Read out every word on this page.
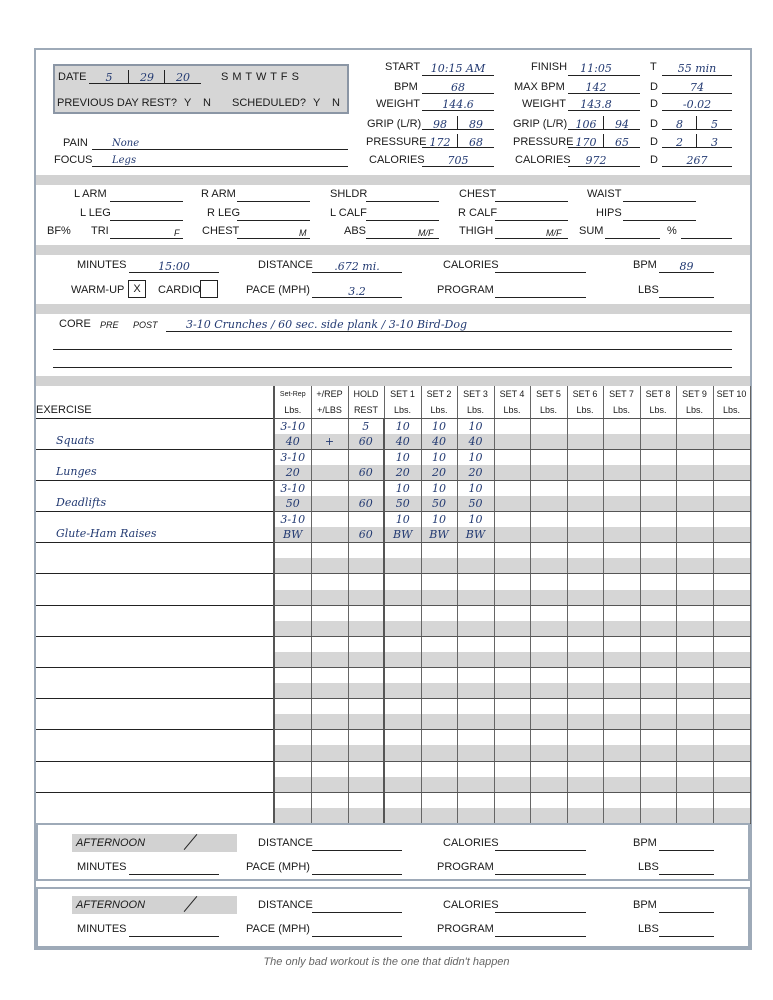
DATE	5	29	20	S M T W T F S
PREVIOUS DAY REST? Y N SCHEDULED? Y N
PAIN None
FOCUS Legs
START 10:15 AM
BPM	68
WEIGHT	144.6
GRIP (L/R)	98	89
PRESSURE 172	68
CALORIES	705
FINISH	11:05
MAX BPM	142
WEIGHT	143.8
GRIP (L/R) 106	94
PRESSURE 170	65
CALORIES	972
T	55 min
D	74
D	-0.02
D	8	5
D	2	3
D	267
L ARM	R ARM	SHLDR	CHEST	WAIST
L LEG	R LEG	L CALF	R CALF	HIPS
BF% TRI	F CHEST	M	ABS	M/F THIGH	M/F SUM	%
MINUTES	15:00	DISTANCE	.672 mi.	CALORIES	BPM	89
WARM-UP X	CARDIO	PACE (MPH)	3.2	PROGRAM	LBS
CORE PRE POST	3-10 Crunches / 60 sec. side plank / 3-10 Bird-Dog
	Set-Rep	+/REP	HOLD	SET 1	SET 2	SET 3	SET 4	SET 5	SET 6	SET 7	SET 8	SET 9	SET 10
EXERCISE	Lbs.	+/LBS	REST	Lbs.	Lbs.	Lbs.	Lbs.	Lbs.	Lbs.	Lbs.	Lbs.	Lbs.	Lbs.
Squats	3-10		5	10	10	10							
	40	+	60	40	40	40							
Lunges	3-10			10	10	10							
	20		60	20	20	20							
Deadlifts	3-10			10	10	10							
	50		60	50	50	50							
Glute-Ham Raises	3-10			10	10	10							
	BW		60	BW	BW	BW							

AFTERNOON	DISTANCE	CALORIES	BPM
MINUTES	PACE (MPH)	PROGRAM	LBS
AFTERNOON	DISTANCE	CALORIES	BPM
MINUTES	PACE (MPH)	PROGRAM	LBS
The only bad workout is the one that didn't happen
